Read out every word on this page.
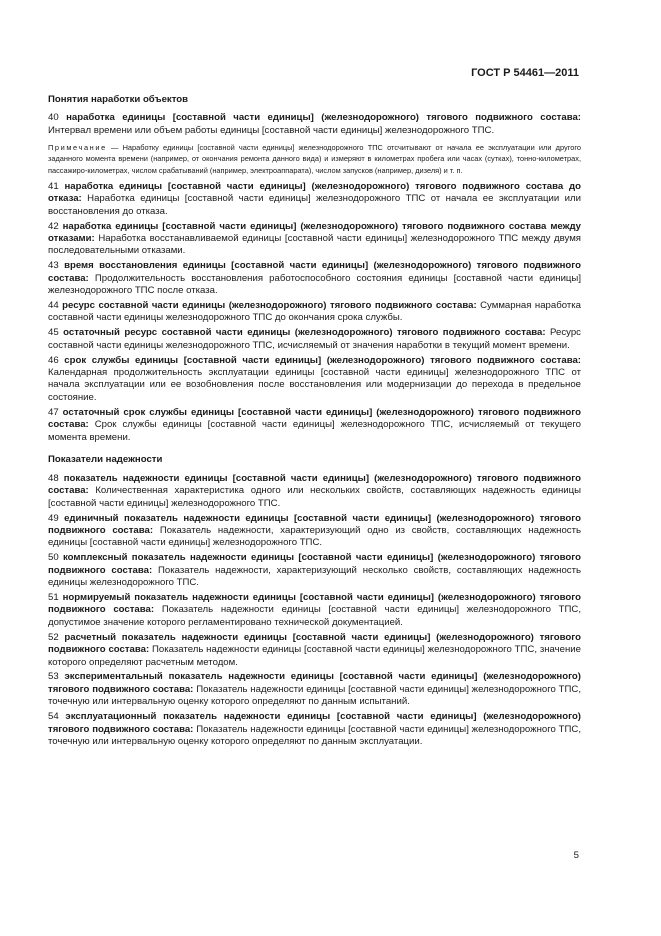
ГОСТ Р 54461—2011
Понятия наработки объектов

40 наработка единицы [составной части единицы] (железнодорожного) тягового подвижного состава: Интервал времени или объем работы единицы [составной части единицы] железнодорожного ТПС.

Примечание — Наработку единицы [составной части единицы] железнодорожного ТПС отсчитывают от начала ее эксплуатации или другого заданного момента времени (например, от окончания ремонта данного вида) и измеряют в километрах пробега или часах (сутках), тонно-километрах, пассажиро-километрах, числом срабатываний (например, электроаппарата), числом запусков (например, дизеля) и т. п.

41 наработка единицы [составной части единицы] (железнодорожного) тягового подвижного состава до отказа: Наработка единицы [составной части единицы] железнодорожного ТПС от начала ее эксплуатации или восстановления до отказа.

42 наработка единицы [составной части единицы] (железнодорожного) тягового подвижного состава между отказами: Наработка восстанавливаемой единицы [составной части единицы] железнодорожного ТПС между двумя последовательными отказами.

43 время восстановления единицы [составной части единицы] (железнодорожного) тягового подвижного состава: Продолжительность восстановления работоспособного состояния единицы [составной части единицы] железнодорожного ТПС после отказа.

44 ресурс составной части единицы (железнодорожного) тягового подвижного состава: Суммарная наработка составной части единицы железнодорожного ТПС до окончания срока службы.

45 остаточный ресурс составной части единицы (железнодорожного) тягового подвижного состава: Ресурс составной части единицы железнодорожного ТПС, исчисляемый от значения наработки в текущий момент времени.

46 срок службы единицы [составной части единицы] (железнодорожного) тягового подвижного состава: Календарная продолжительность эксплуатации единицы [составной части единицы] железнодорожного ТПС от начала эксплуатации или ее возобновления после восстановления или модернизации до перехода в предельное состояние.

47 остаточный срок службы единицы [составной части единицы] (железнодорожного) тягового подвижного состава: Срок службы единицы [составной части единицы] железнодорожного ТПС, исчисляемый от текущего момента времени.

Показатели надежности

48 показатель надежности единицы [составной части единицы] (железнодорожного) тягового подвижного состава: Количественная характеристика одного или нескольких свойств, составляющих надежность единицы [составной части единицы] железнодорожного ТПС.

49 единичный показатель надежности единицы [составной части единицы] (железнодорожного) тягового подвижного состава: Показатель надежности, характеризующий одно из свойств, составляющих надежность единицы [составной части единицы] железнодорожного ТПС.

50 комплексный показатель надежности единицы [составной части единицы] (железнодорожного) тягового подвижного состава: Показатель надежности, характеризующий несколько свойств, составляющих надежность единицы железнодорожного ТПС.

51 нормируемый показатель надежности единицы [составной части единицы] (железнодорожного) тягового подвижного состава: Показатель надежности единицы [составной части единицы] железнодорожного ТПС, допустимое значение которого регламентировано технической документацией.

52 расчетный показатель надежности единицы [составной части единицы] (железнодорожного) тягового подвижного состава: Показатель надежности единицы [составной части единицы] железнодорожного ТПС, значение которого определяют расчетным методом.

53 экспериментальный показатель надежности единицы [составной части единицы] (железнодорожного) тягового подвижного состава: Показатель надежности единицы [составной части единицы] железнодорожного ТПС, точечную или интервальную оценку которого определяют по данным испытаний.

54 эксплуатационный показатель надежности единицы [составной части единицы] (железнодорожного) тягового подвижного состава: Показатель надежности единицы [составной части единицы] железнодорожного ТПС, точечную или интервальную оценку которого определяют по данным эксплуатации.

5
